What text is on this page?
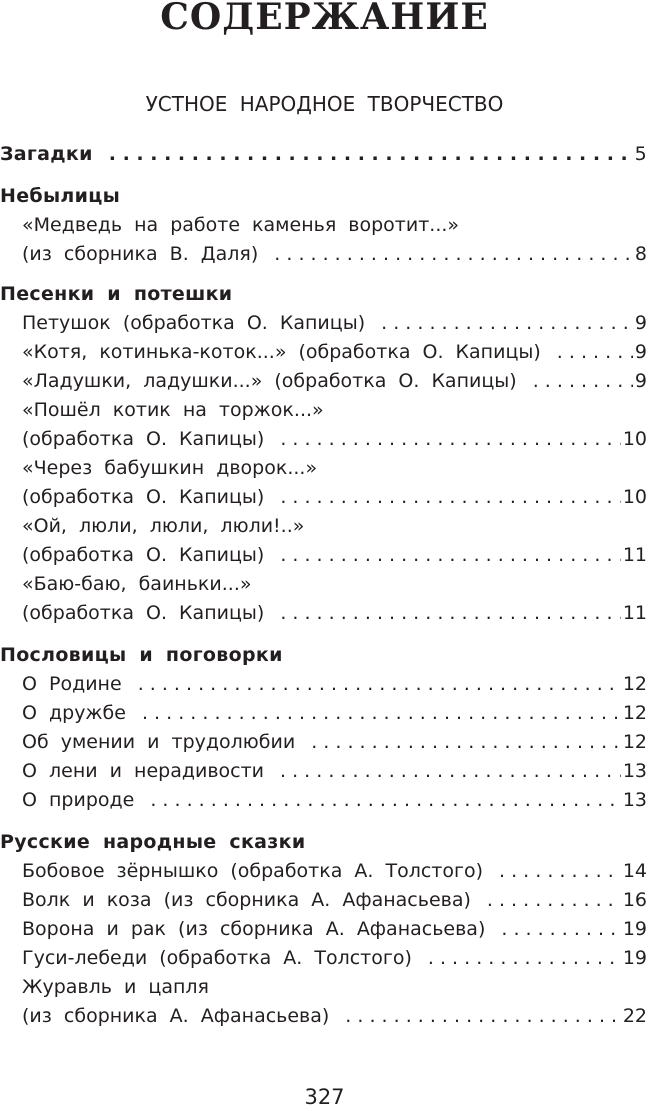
СОДЕРЖАНИЕ
УСТНОЕ НАРОДНОЕ ТВОРЧЕСТВО
Загадки . . .	5
Небылицы
«Медведь на работе каменья воротит...»
(из сборника В. Даля) . . .	8
Песенки и потешки
Петушок (обработка О. Капицы) . . .	9
«Котя, котинька-коток...» (обработка О. Капицы) . . .	9
«Ладушки, ладушки...» (обработка О. Капицы) . . .	9
«Пошёл котик на торжок...»
(обработка О. Капицы) . . .	10
«Через бабушкин дворок...»
(обработка О. Капицы) . . .	10
«Ой, люли, люли, люли!..»
(обработка О. Капицы) . . .	11
«Баю-баю, баиньки...»
(обработка О. Капицы) . . .	11
Пословицы и поговорки
О Родине . . .	12
О дружбе . . .	12
Об умении и трудолюбии . . .	12
О лени и нерадивости . . .	13
О природе . . .	13
Русские народные сказки
Бобовое зёрнышко (обработка А. Толстого) . . .	14
Волк и коза (из сборника А. Афанасьева) . . .	16
Ворона и рак (из сборника А. Афанасьева) . . .	19
Гуси-лебеди (обработка А. Толстого) . . .	19
Журавль и цапля
(из сборника А. Афанасьева) . . .	22
327
